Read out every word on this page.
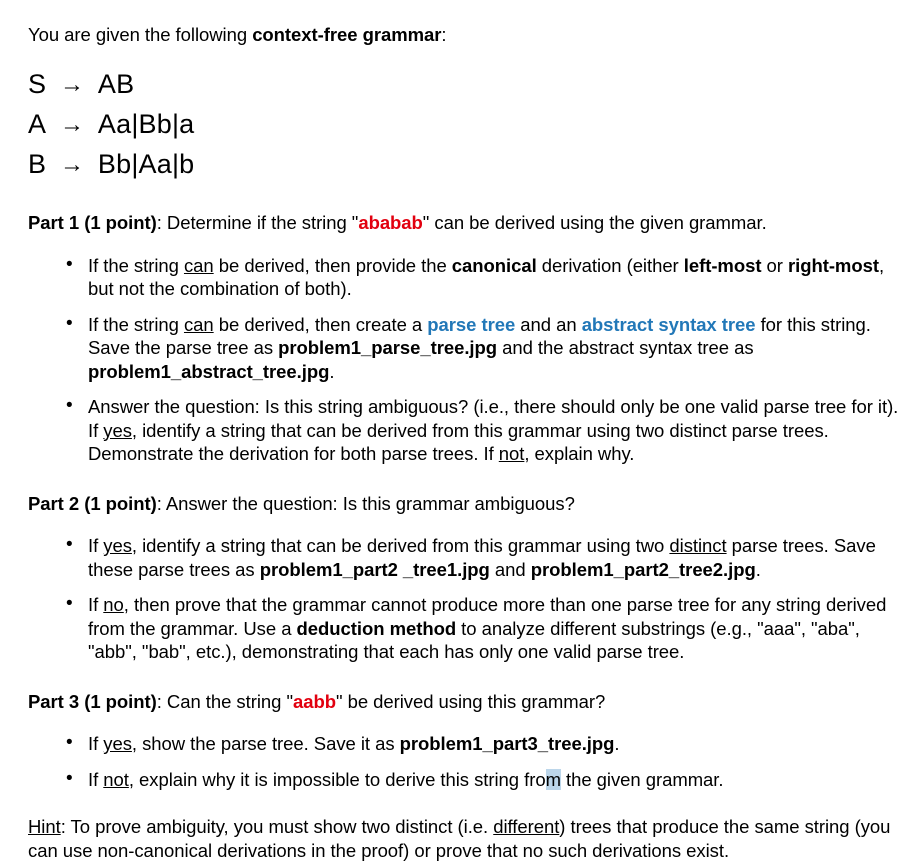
You are given the following context-free grammar:

S  →  AB
A  →  Aa|Bb|a
B  →  Bb|Aa|b

Part 1 (1 point): Determine if the string "ababab" can be derived using the given grammar.

• If the string can be derived, then provide the canonical derivation (either left-most or right-most, but not the combination of both).
• If the string can be derived, then create a parse tree and an abstract syntax tree for this string. Save the parse tree as problem1_parse_tree.jpg and the abstract syntax tree as problem1_abstract_tree.jpg.
• Answer the question: Is this string ambiguous? (i.e., there should only be one valid parse tree for it). If yes, identify a string that can be derived from this grammar using two distinct parse trees. Demonstrate the derivation for both parse trees. If not, explain why.

Part 2 (1 point): Answer the question: Is this grammar ambiguous?

• If yes, identify a string that can be derived from this grammar using two distinct parse trees. Save these parse trees as problem1_part2 _tree1.jpg and problem1_part2_tree2.jpg.
• If no, then prove that the grammar cannot produce more than one parse tree for any string derived from the grammar. Use a deduction method to analyze different substrings (e.g., "aaa", "aba", "abb", "bab", etc.), demonstrating that each has only one valid parse tree.

Part 3 (1 point): Can the string "aabb" be derived using this grammar?

• If yes, show the parse tree. Save it as problem1_part3_tree.jpg.
• If not, explain why it is impossible to derive this string from the given grammar.

Hint: To prove ambiguity, you must show two distinct (i.e. different) trees that produce the same string (you can use non-canonical derivations in the proof) or prove that no such derivations exist.
